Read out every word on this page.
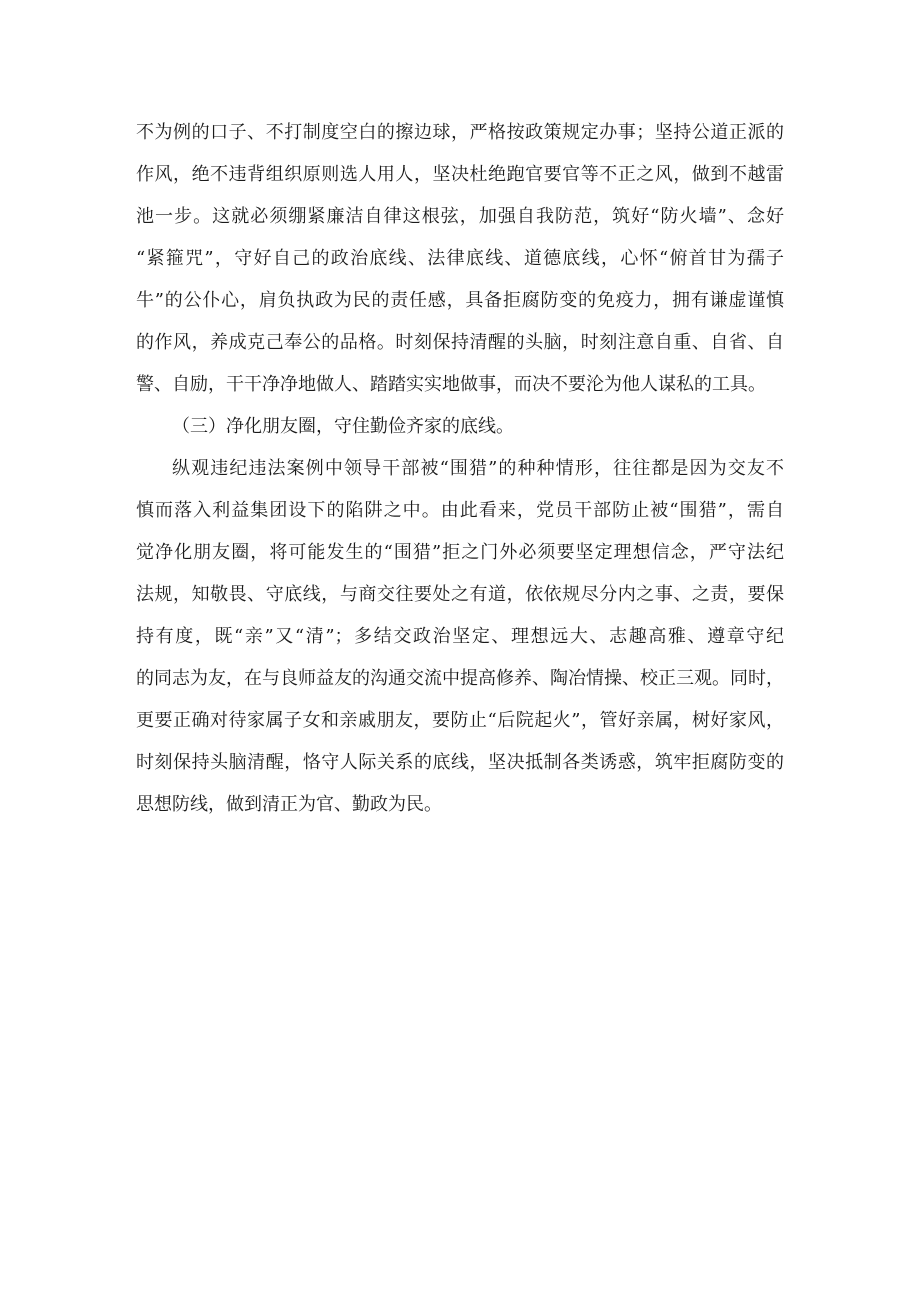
不为例的口子、不打制度空白的擦边球，严格按政策规定办事；坚持公道正派的
作风，绝不违背组织原则选人用人，坚决杜绝跑官要官等不正之风，做到不越雷
池一步。这就必须绷紧廉洁自律这根弦，加强自我防范，筑好“防火墙”、念好
“紧箍咒”，守好自己的政治底线、法律底线、道德底线，心怀“俯首甘为孺子
牛”的公仆心，肩负执政为民的责任感，具备拒腐防变的免疫力，拥有谦虚谨慎
的作风，养成克己奉公的品格。时刻保持清醒的头脑，时刻注意自重、自省、自
警、自励，干干净净地做人、踏踏实实地做事，而决不要沦为他人谋私的工具。
（三）净化朋友圈，守住勤俭齐家的底线。
纵观违纪违法案例中领导干部被“围猎”的种种情形，往往都是因为交友不
慎而落入利益集团设下的陷阱之中。由此看来，党员干部防止被“围猎”，需自
觉净化朋友圈，将可能发生的“围猎”拒之门外必须要坚定理想信念，严守法纪
法规，知敬畏、守底线，与商交往要处之有道，依依规尽分内之事、之责，要保
持有度，既“亲”又“清”；多结交政治坚定、理想远大、志趣高雅、遵章守纪
的同志为友，在与良师益友的沟通交流中提高修养、陶冶情操、校正三观。同时，
更要正确对待家属子女和亲戚朋友，要防止“后院起火”，管好亲属，树好家风，
时刻保持头脑清醒，恪守人际关系的底线，坚决抵制各类诱惑，筑牢拒腐防变的
思想防线，做到清正为官、勤政为民。
